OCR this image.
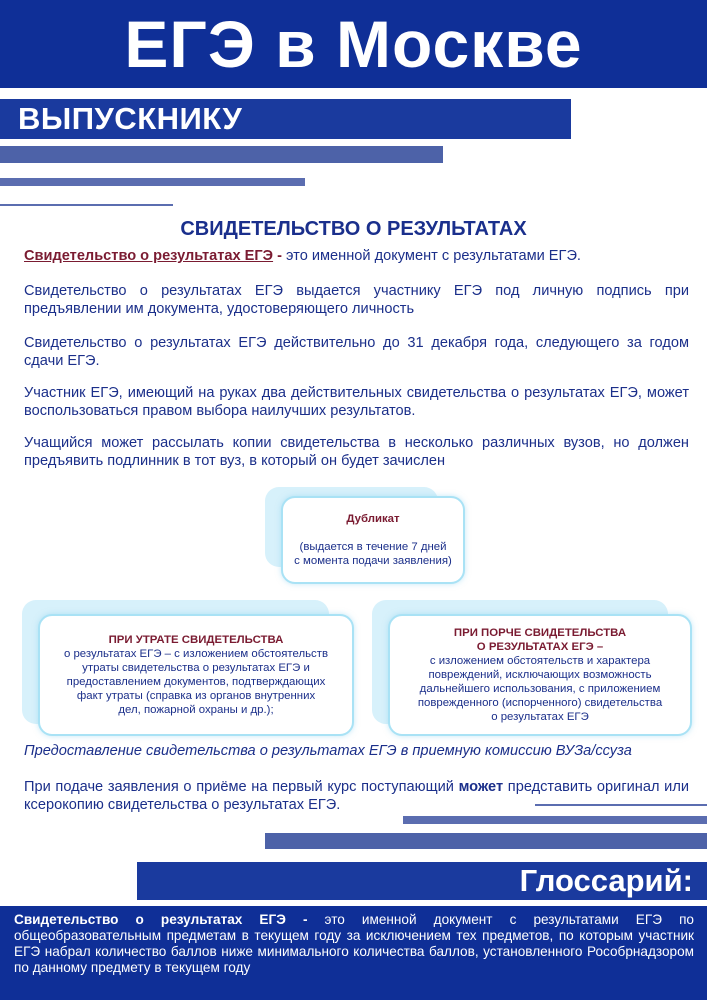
ЕГЭ в Москве
ВЫПУСКНИКУ
СВИДЕТЕЛЬСТВО О РЕЗУЛЬТАТАХ
Свидетельство о результатах ЕГЭ - это именной документ с результатами ЕГЭ.
Свидетельство о результатах ЕГЭ выдается участнику ЕГЭ под личную подпись при предъявлении им документа, удостоверяющего личность
Свидетельство о результатах ЕГЭ действительно до 31 декабря года, следующего за годом сдачи ЕГЭ.
Участник ЕГЭ, имеющий на руках два действительных свидетельства о результатах ЕГЭ, может воспользоваться правом выбора наилучших результатов.
Учащийся может рассылать копии свидетельства в несколько различных вузов, но должен предъявить подлинник в тот вуз, в который он будет зачислен
Дубликат
(выдается в течение 7 дней
с момента подачи заявления)
ПРИ УТРАТЕ СВИДЕТЕЛЬСТВА
о результатах ЕГЭ – с изложением обстоятельств
утраты свидетельства о результатах ЕГЭ и
предоставлением документов, подтверждающих
факт утраты (справка из органов внутренних
дел, пожарной охраны и др.);
ПРИ ПОРЧЕ СВИДЕТЕЛЬСТВА
О РЕЗУЛЬТАТАХ ЕГЭ –
с изложением обстоятельств и характера
повреждений, исключающих возможность
дальнейшего использования, с приложением
поврежденного (испорченного) свидетельства
о результатах ЕГЭ
Предоставление свидетельства о результатах ЕГЭ в приемную комиссию ВУЗа/ссуза
При подаче заявления о приёме на первый курс поступающий может представить оригинал или ксерокопию свидетельства о результатах ЕГЭ.
Глоссарий:
Свидетельство о результатах ЕГЭ - это именной документ с результатами ЕГЭ по общеобразовательным предметам в текущем году за исключением тех предметов, по которым участник ЕГЭ набрал количество баллов ниже минимального количества баллов, установленного Рособрнадзором по данному предмету в текущем году
